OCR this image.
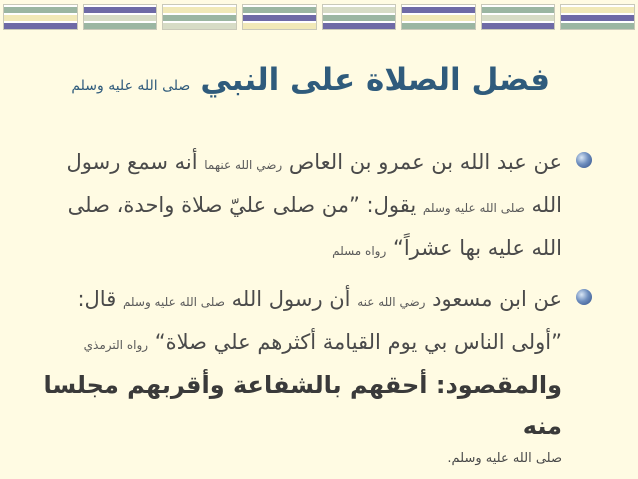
فضل الصلاة على النبي
صلى الله عليه وسلم
عن عبد الله بن عمرو بن العاص رضي الله عنهما أنه سمع رسول الله صلى الله عليه وسلم يقول: ”من صلى عليّ صلاة واحدة، صلى الله عليه بها عشراً“ رواه مسلم
عن ابن مسعود رضي الله عنه أن رسول الله صلى الله عليه وسلم قال: ”أولى الناس بي يوم القيامة أكثرهم علي صلاة“ رواه الترمذي والمقصود: أحقهم بالشفاعة وأقربهم مجلسا منه
صلى الله عليه وسلم.
